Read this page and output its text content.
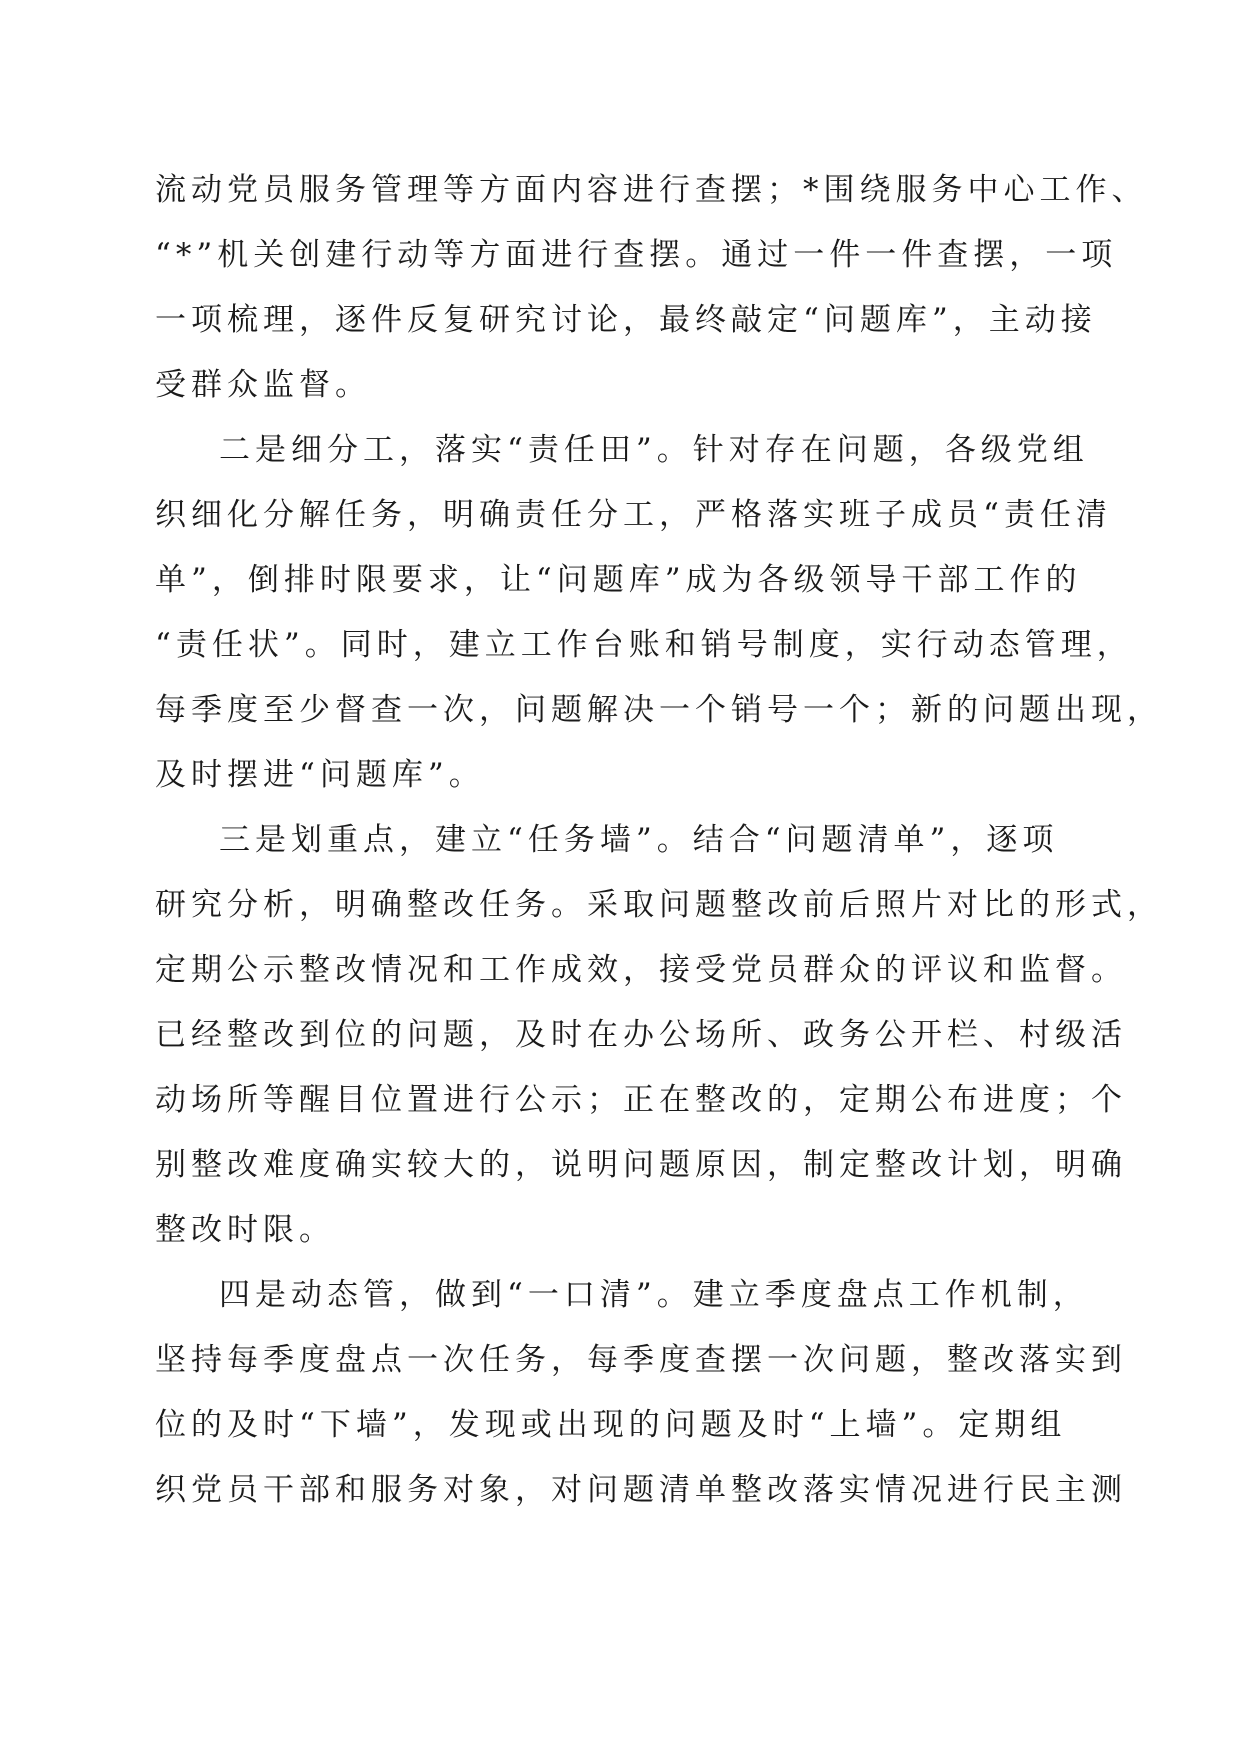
流动党员服务管理等方面内容进行查摆；*围绕服务中心工作、
“*”机关创建行动等方面进行查摆。通过一件一件查摆，一项
一项梳理，逐件反复研究讨论，最终敲定“问题库”，主动接
受群众监督。
二是细分工，落实“责任田”。针对存在问题，各级党组
织细化分解任务，明确责任分工，严格落实班子成员“责任清
单”，倒排时限要求，让“问题库”成为各级领导干部工作的
“责任状”。同时，建立工作台账和销号制度，实行动态管理，
每季度至少督查一次，问题解决一个销号一个；新的问题出现，
及时摆进“问题库”。
三是划重点，建立“任务墙”。结合“问题清单”，逐项
研究分析，明确整改任务。采取问题整改前后照片对比的形式，
定期公示整改情况和工作成效，接受党员群众的评议和监督。
已经整改到位的问题，及时在办公场所、政务公开栏、村级活
动场所等醒目位置进行公示；正在整改的，定期公布进度；个
别整改难度确实较大的，说明问题原因，制定整改计划，明确
整改时限。
四是动态管，做到“一口清”。建立季度盘点工作机制，
坚持每季度盘点一次任务，每季度查摆一次问题，整改落实到
位的及时“下墙”，发现或出现的问题及时“上墙”。定期组
织党员干部和服务对象，对问题清单整改落实情况进行民主测
